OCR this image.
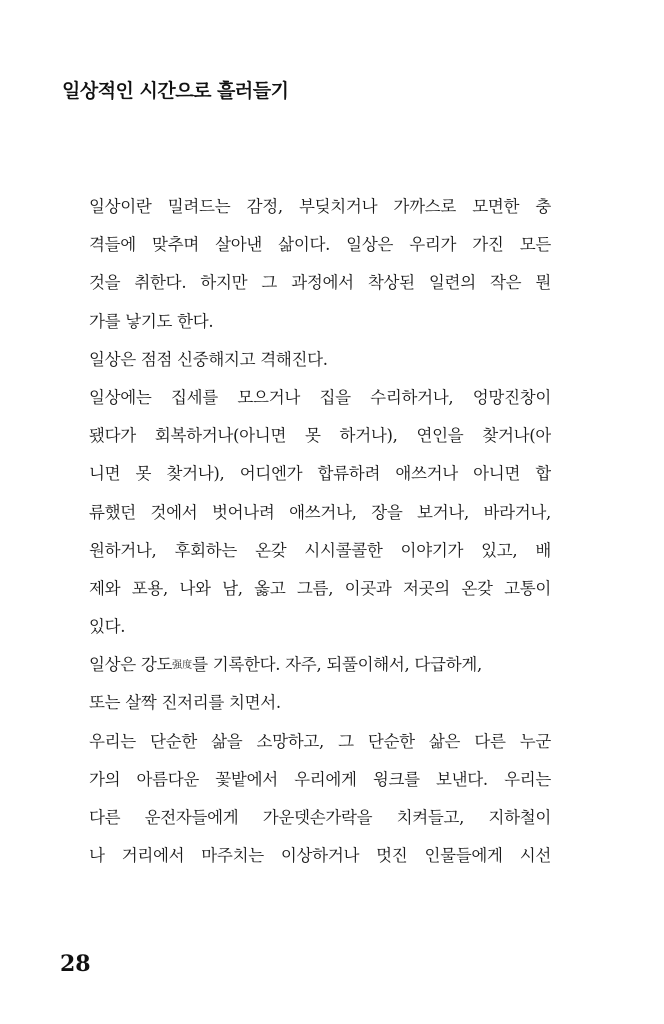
일상적인 시간으로 흘러들기
일상이란 밀려드는 감정, 부딪치거나 가까스로 모면한 충
격들에 맞추며 살아낸 삶이다. 일상은 우리가 가진 모든
것을 취한다. 하지만 그 과정에서 착상된 일련의 작은 뭔
가를 낳기도 한다.
일상은 점점 신중해지고 격해진다.
일상에는 집세를 모으거나 집을 수리하거나, 엉망진창이
됐다가 회복하거나(아니면 못 하거나), 연인을 찾거나(아
니면 못 찾거나), 어디엔가 합류하려 애쓰거나 아니면 합
류했던 것에서 벗어나려 애쓰거나, 장을 보거나, 바라거나,
원하거나, 후회하는 온갖 시시콜콜한 이야기가 있고, 배
제와 포용, 나와 남, 옳고 그름, 이곳과 저곳의 온갖 고통이
있다.
일상은 강도强度를 기록한다. 자주, 되풀이해서, 다급하게,
또는 살짝 진저리를 치면서.
우리는 단순한 삶을 소망하고, 그 단순한 삶은 다른 누군
가의 아름다운 꽃밭에서 우리에게 윙크를 보낸다. 우리는
다른 운전자들에게 가운뎃손가락을 치켜들고, 지하철이
나 거리에서 마주치는 이상하거나 멋진 인물들에게 시선
28
